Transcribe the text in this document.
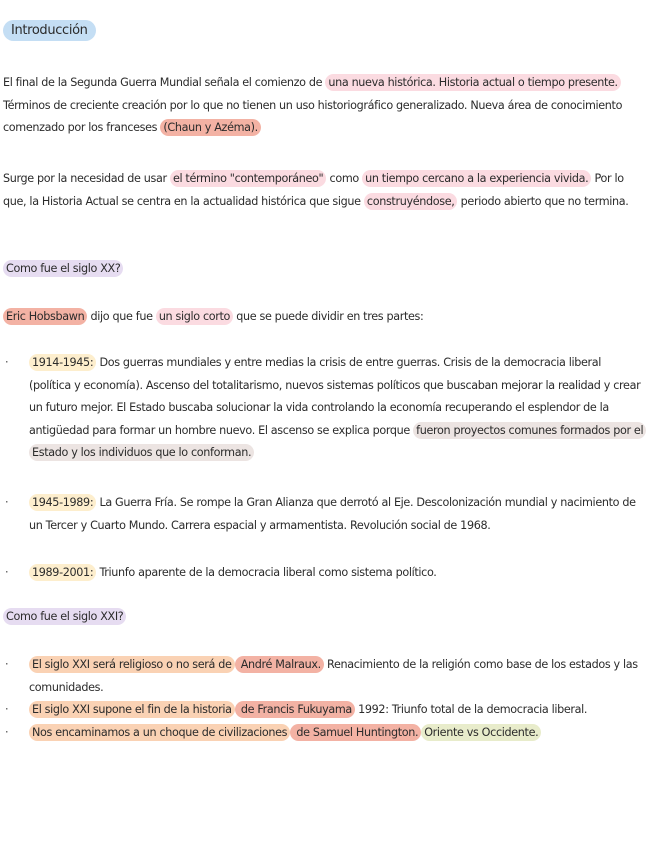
Introducción

El final de la Segunda Guerra Mundial señala el comienzo de una nueva histórica. Historia actual o tiempo presente. Términos de creciente creación por lo que no tienen un uso historiográfico generalizado. Nueva área de conocimiento comenzado por los franceses (Chaun y Azéma).

Surge por la necesidad de usar el término "contemporáneo" como un tiempo cercano a la experiencia vivida. Por lo que, la Historia Actual se centra en la actualidad histórica que sigue construyéndose, periodo abierto que no termina.

Como fue el siglo XX?

Eric Hobsbawn dijo que fue un siglo corto que se puede dividir en tres partes:

· 1914-1945: Dos guerras mundiales y entre medias la crisis de entre guerras. Crisis de la democracia liberal (política y economía). Ascenso del totalitarismo, nuevos sistemas políticos que buscaban mejorar la realidad y crear un futuro mejor. El Estado buscaba solucionar la vida controlando la economía recuperando el esplendor de la antigüedad para formar un hombre nuevo. El ascenso se explica porque fueron proyectos comunes formados por el Estado y los individuos que lo conforman.
· 1945-1989: La Guerra Fría. Se rompe la Gran Alianza que derrotó al Eje. Descolonización mundial y nacimiento de un Tercer y Cuarto Mundo. Carrera espacial y armamentista. Revolución social de 1968.
· 1989-2001: Triunfo aparente de la democracia liberal como sistema político.
Como fue el siglo XXI?
· El siglo XXI será religioso o no será de André Malraux. Renacimiento de la religión como base de los estados y las comunidades.
· El siglo XXI supone el fin de la historia de Francis Fukuyama 1992: Triunfo total de la democracia liberal.
· Nos encaminamos a un choque de civilizaciones de Samuel Huntington. Oriente vs Occidente.
